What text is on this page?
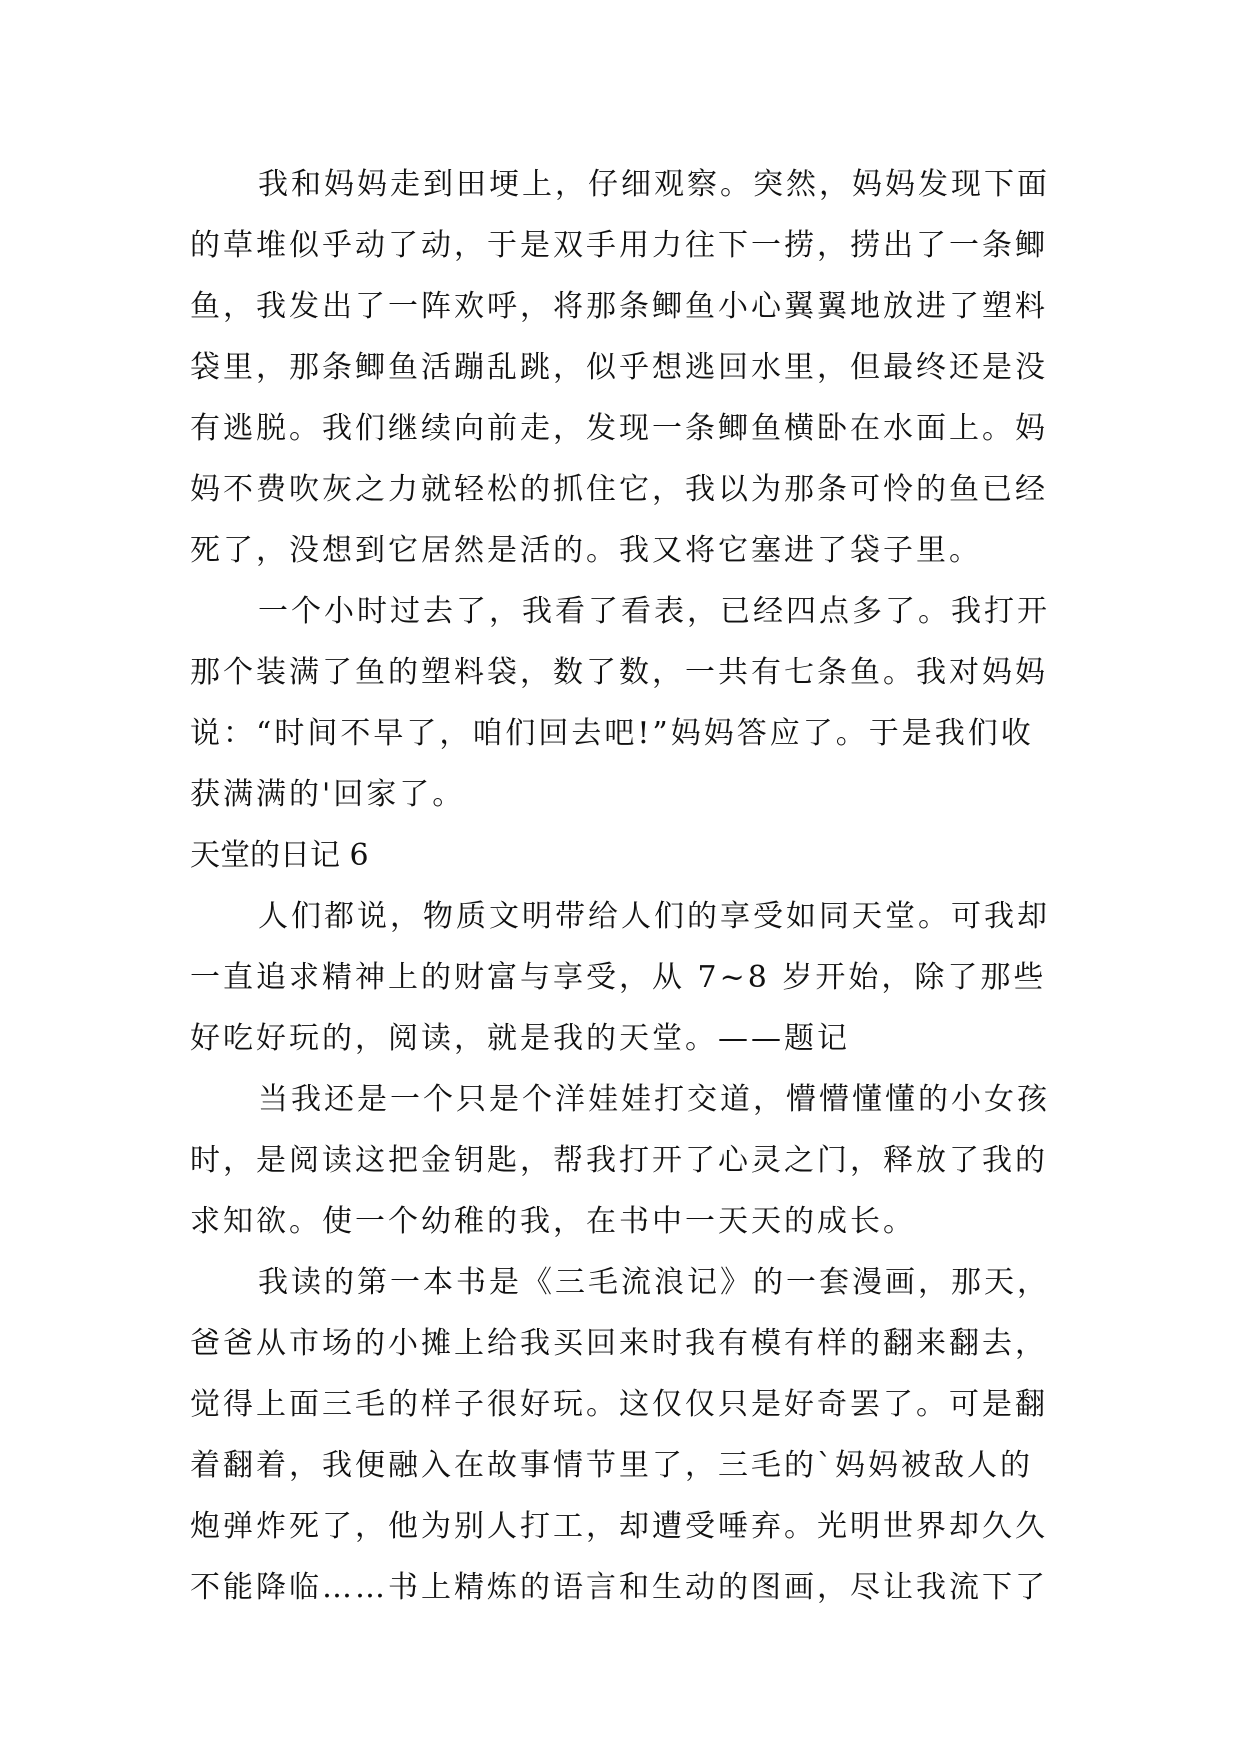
我和妈妈走到田埂上，仔细观察。突然，妈妈发现下面的草堆似乎动了动，于是双手用力往下一捞，捞出了一条鲫鱼，我发出了一阵欢呼，将那条鲫鱼小心翼翼地放进了塑料袋里，那条鲫鱼活蹦乱跳，似乎想逃回水里，但最终还是没有逃脱。我们继续向前走，发现一条鲫鱼横卧在水面上。妈妈不费吹灰之力就轻松的抓住它，我以为那条可怜的鱼已经死了，没想到它居然是活的。我又将它塞进了袋子里。

一个小时过去了，我看了看表，已经四点多了。我打开那个装满了鱼的塑料袋，数了数，一共有七条鱼。我对妈妈说：“时间不早了，咱们回去吧!”妈妈答应了。于是我们收获满满的'回家了。

天堂的日记 6

人们都说，物质文明带给人们的享受如同天堂。可我却一直追求精神上的财富与享受，从 7~8 岁开始，除了那些好吃好玩的，阅读，就是我的天堂。——题记

当我还是一个只是个洋娃娃打交道，懵懵懂懂的小女孩时，是阅读这把金钥匙，帮我打开了心灵之门，释放了我的求知欲。使一个幼稚的我，在书中一天天的成长。

我读的第一本书是《三毛流浪记》的一套漫画，那天，爸爸从市场的小摊上给我买回来时我有模有样的翻来翻去，觉得上面三毛的样子很好玩。这仅仅只是好奇罢了。可是翻着翻着，我便融入在故事情节里了，三毛的`妈妈被敌人的炮弹炸死了，他为别人打工，却遭受唾弃。光明世界却久久不能降临……书上精炼的语言和生动的图画，尽让我流下了
